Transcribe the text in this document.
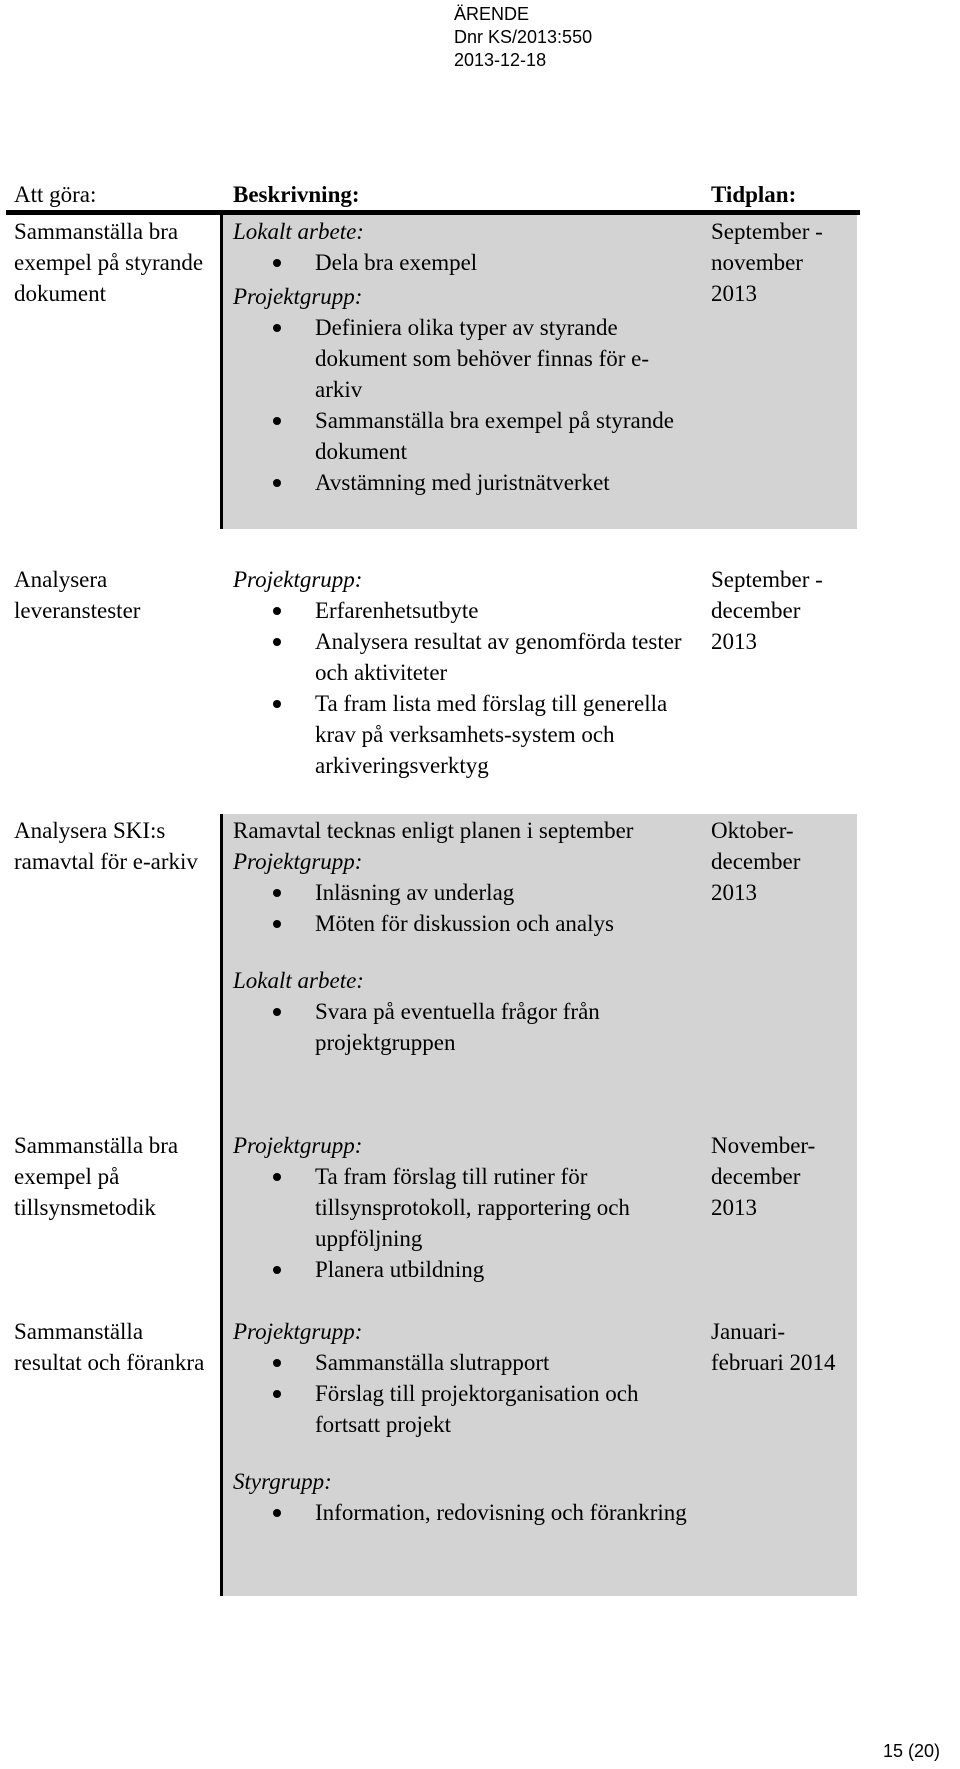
ÄRENDE
Dnr KS/2013:550
2013-12-18
Att göra:	Beskrivning:	Tidplan:
Sammanställa bra exempel på styrande dokument
Lokalt arbete:
Dela bra exempel
Projektgrupp:
Definiera olika typer av styrande dokument som behöver finnas för e-arkiv
Sammanställa bra exempel på styrande dokument
Avstämning med juristnätverket
September - november 2013
Analysera leveranstester
Projektgrupp:
Erfarenhetsutbyte
Analysera resultat av genomförda tester och aktiviteter
Ta fram lista med förslag till generella krav på verksamhets-system och arkiveringsverktyg
September -december 2013
Analysera SKI:s ramavtal för e-arkiv
Ramavtal tecknas enligt planen i september
Projektgrupp:
Inläsning av underlag
Möten för diskussion och analys
Lokalt arbete:
Svara på eventuella frågor från projektgruppen
Oktober-december 2013
Sammanställa bra exempel på tillsynsmetodik
Projektgrupp:
Ta fram förslag till rutiner för tillsynsprotokoll, rapportering och uppföljning
Planera utbildning
November-december 2013
Sammanställa resultat och förankra
Projektgrupp:
Sammanställa slutrapport
Förslag till projektorganisation och fortsatt projekt
Styrgrupp:
Information, redovisning och förankring
Januari-februari 2014
15 (20)
